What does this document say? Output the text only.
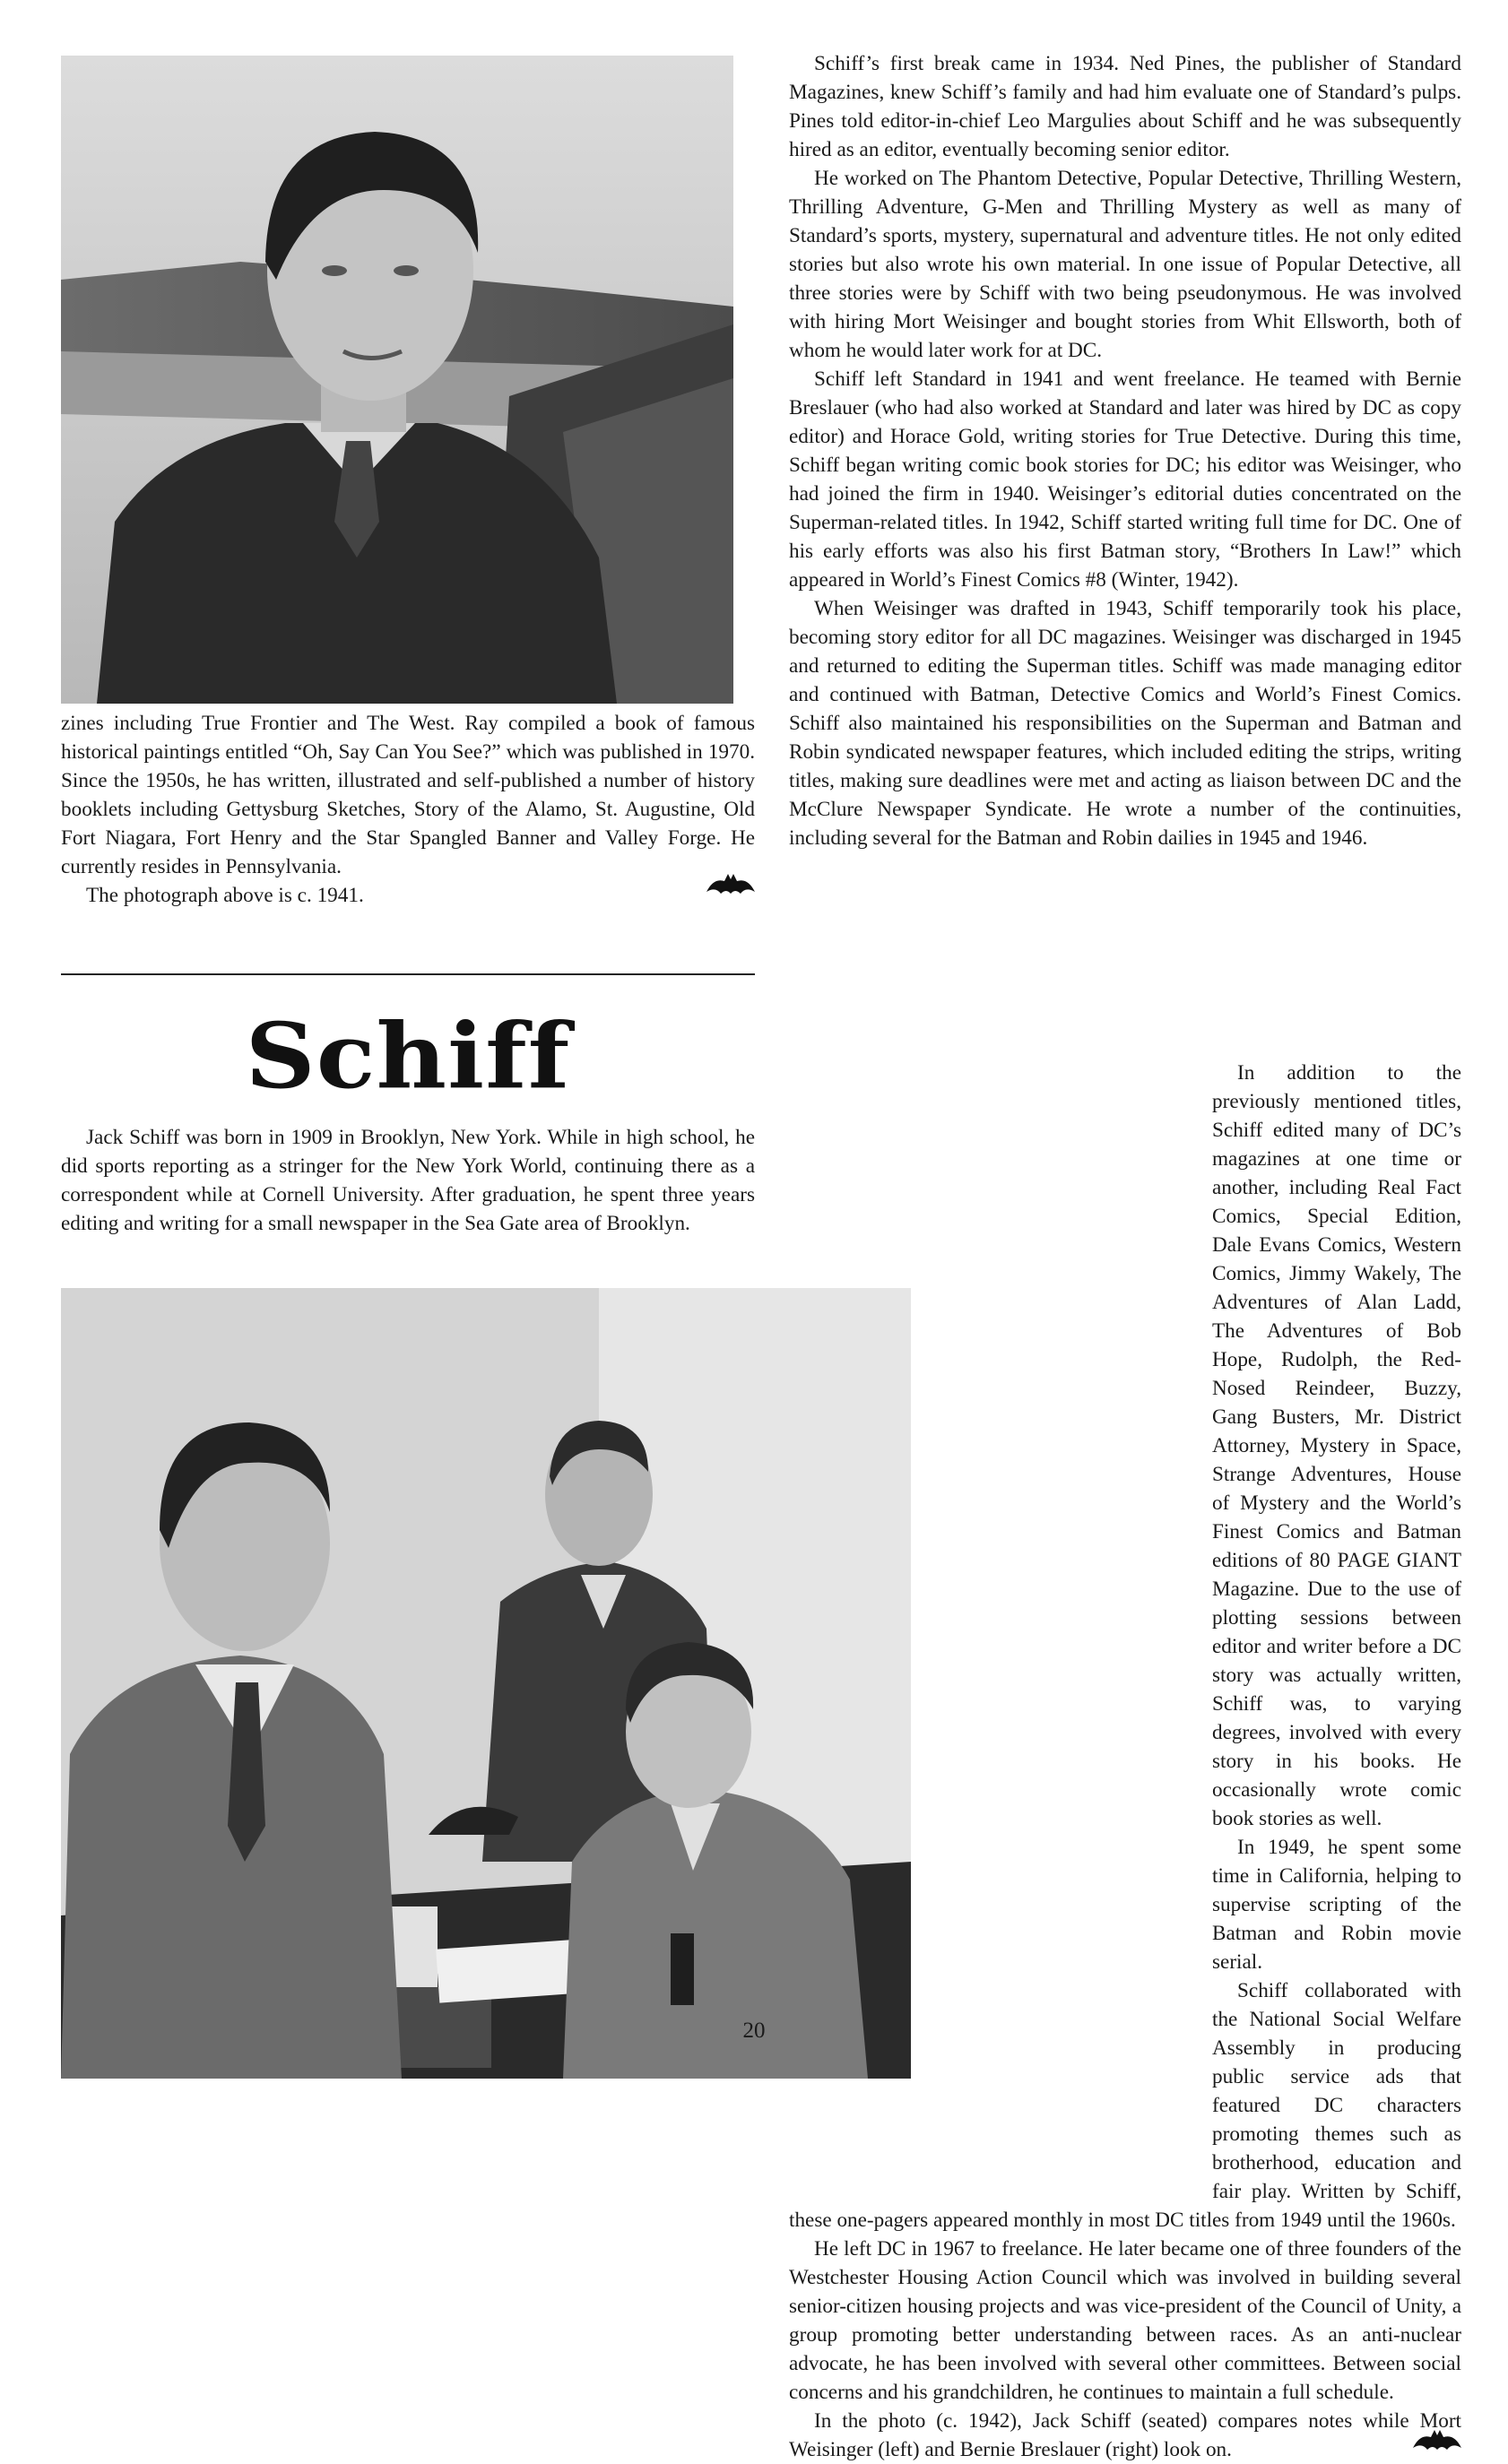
zines including True Frontier and The West. Ray compiled a book of famous historical paintings entitled “Oh, Say Can You See?” which was published in 1970. Since the 1950s, he has written, illustrated and self-published a number of history booklets including Gettysburg Sketches, Story of the Alamo, St. Augustine, Old Fort Niagara, Fort Henry and the Star Spangled Banner and Valley Forge. He currently resides in Pennsylvania.

The photograph above is c. 1941.

Schiff

Jack Schiff was born in 1909 in Brooklyn, New York. While in high school, he did sports reporting as a stringer for the New York World, continuing there as a correspondent while at Cornell University. After graduation, he spent three years editing and writing for a small newspaper in the Sea Gate area of Brooklyn.

Schiff’s first break came in 1934. Ned Pines, the publisher of Standard Magazines, knew Schiff’s family and had him evaluate one of Standard’s pulps. Pines told editor-in-chief Leo Margulies about Schiff and he was subsequently hired as an editor, eventually becoming senior editor.

He worked on The Phantom Detective, Popular Detective, Thrilling Western, Thrilling Adventure, G-Men and Thrilling Mystery as well as many of Standard’s sports, mystery, supernatural and adventure titles. He not only edited stories but also wrote his own material. In one issue of Popular Detective, all three stories were by Schiff with two being pseudonymous. He was involved with hiring Mort Weisinger and bought stories from Whit Ellsworth, both of whom he would later work for at DC.

Schiff left Standard in 1941 and went freelance. He teamed with Bernie Breslauer (who had also worked at Standard and later was hired by DC as copy editor) and Horace Gold, writing stories for True Detective. During this time, Schiff began writing comic book stories for DC; his editor was Weisinger, who had joined the firm in 1940. Weisinger’s editorial duties concentrated on the Superman-related titles. In 1942, Schiff started writing full time for DC. One of his early efforts was also his first Batman story, “Brothers In Law!” which appeared in World’s Finest Comics #8 (Winter, 1942).

When Weisinger was drafted in 1943, Schiff temporarily took his place, becoming story editor for all DC magazines. Weisinger was discharged in 1945 and returned to editing the Superman titles. Schiff was made managing editor and continued with Batman, Detective Comics and World’s Finest Comics. Schiff also maintained his responsibilities on the Superman and Batman and Robin syndicated newspaper features, which included editing the strips, writing titles, making sure deadlines were met and acting as liaison between DC and the McClure Newspaper Syndicate. He wrote a number of the continuities, including several for the Batman and Robin dailies in 1945 and 1946.

In addition to the previously mentioned titles, Schiff edited many of DC’s magazines at one time or another, including Real Fact Comics, Special Edition, Dale Evans Comics, Western Comics, Jimmy Wakely, The Adventures of Alan Ladd, The Adventures of Bob Hope, Rudolph, the Red-Nosed Reindeer, Buzzy, Gang Busters, Mr. District Attorney, Mystery in Space, Strange Adventures, House of Mystery and the World’s Finest Comics and Batman editions of 80 PAGE GIANT Magazine. Due to the use of plotting sessions between editor and writer before a DC story was actually written, Schiff was, to varying degrees, involved with every story in his books. He occasionally wrote comic book stories as well.

In 1949, he spent some time in California, helping to supervise scripting of the Batman and Robin movie serial.

Schiff collaborated with the National Social Welfare Assembly in producing public service ads that featured DC characters promoting themes such as brotherhood, education and fair play. Written by Schiff, these one-pagers appeared monthly in most DC titles from 1949 until the 1960s.

He left DC in 1967 to freelance. He later became one of three founders of the Westchester Housing Action Council which was involved in building several senior-citizen housing projects and was vice-president of the Council of Unity, a group promoting better understanding between races. As an anti-nuclear advocate, he has been involved with several other committees. Between social concerns and his grandchildren, he continues to maintain a full schedule.

In the photo (c. 1942), Jack Schiff (seated) compares notes while Mort Weisinger (left) and Bernie Breslauer (right) look on.

20
